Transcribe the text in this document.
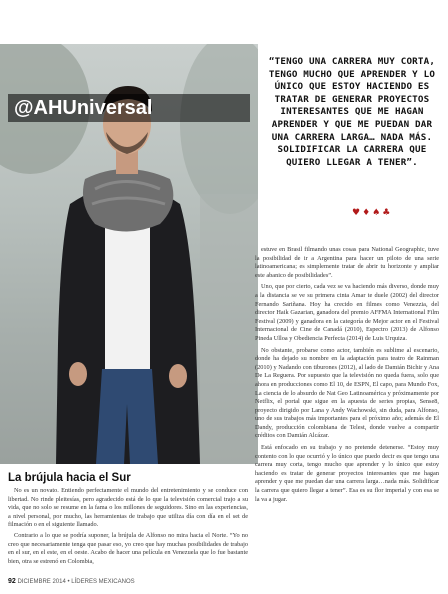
@AHUniversal
“TENGO UNA CARRERA MUY CORTA, TENGO MUCHO QUE APRENDER Y LO ÚNICO QUE ESTOY HACIENDO ES TRATAR DE GENERAR PROYECTOS INTERESANTES QUE ME HAGAN APRENDER Y QUE ME PUEDAN DAR UNA CARRERA LARGA… NADA MÁS. SOLIDIFICAR LA CARRERA QUE QUIERO LLEGAR A TENER”.
♥♦♠♣

estuve en Brasil filmando unas cosas para National Geographic, tuve la posibilidad de ir a Argentina para hacer un piloto de una serie latinoamericana; es simplemente tratar de abrir tu horizonte y ampliar este abanico de posibilidades”.

Uno, que por cierto, cada vez se va haciendo más diverso, donde muy a la distancia se ve su primera cinta Amar te duele (2002) del director Fernando Sariñana. Hoy ha crecido en filmes como Venezzia, del director Haik Gazarian, ganadora del premio AFFMA International Film Festival (2009) y ganadora en la categoría de Mejor actor en el Festival Internacional de Cine de Canadá (2010), Espectro (2013) de Alfonso Pineda Ulloa y Obediencia Perfecta (2014) de Luis Urquiza.

No obstante, probarse como actor, también es sublime al escenario, donde ha dejado su nombre en la adaptación para teatro de Rainman (2010) y Nadando con tiburones (2012), al lado de Damián Bichir y Ana De La Reguera. Por supuesto que la televisión no queda fuera, solo que ahora en producciones como El 10, de ESPN, El capo, para Mundo Fox, La ciencia de lo absurdo de Nat Geo Latinoamérica y próximamente por Netflix, el portal que sigue en la apuesta de series propias, Sense8, proyecto dirigido por Lana y Andy Wachowski, sin duda, para Alfonso, uno de sus trabajos más importantes para el próximo año; además de El Dandy, producción colombiana de Telest, donde vuelve a compartir créditos con Damián Alcázar.

Está enfocado en su trabajo y no pretende detenerse. “Estoy muy contento con lo que ocurrió y lo único que puedo decir es que tengo una carrera muy corta, tengo mucho que aprender y lo único que estoy haciendo es tratar de generar proyectos interesantes que me hagan aprender y que me puedan dar una carrera larga…nada más. Solidificar la carrera que quiero llegar a tener”. Esa es su flor imperial y con esa se la va a jugar.

La brújula hacia el Sur

No es un novato. Entiendo perfectamente el mundo del entretenimiento y se conduce con libertad. No rinde pleitesías, pero agradecido está de lo que la televisión comercial trajo a su vida, que no solo se resume en la fama o los millones de seguidores. Sino en las experiencias, a nivel personal, por mucho, las herramientas de trabajo que utiliza día con día en el set de filmación o en el siguiente llamado.

Contrario a lo que se podría suponer, la brújula de Alfonso no mira hacia el Norte. “Yo no creo que necesariamente tenga que pasar eso, yo creo que hay muchas posibilidades de trabajo en el sur, en el este, en el oeste. Acabo de hacer una película en Venezuela que lo fue bastante bien, otra se estrenó en Colombia,

92 DICIEMBRE 2014 • LÍDERES MEXICANOS
